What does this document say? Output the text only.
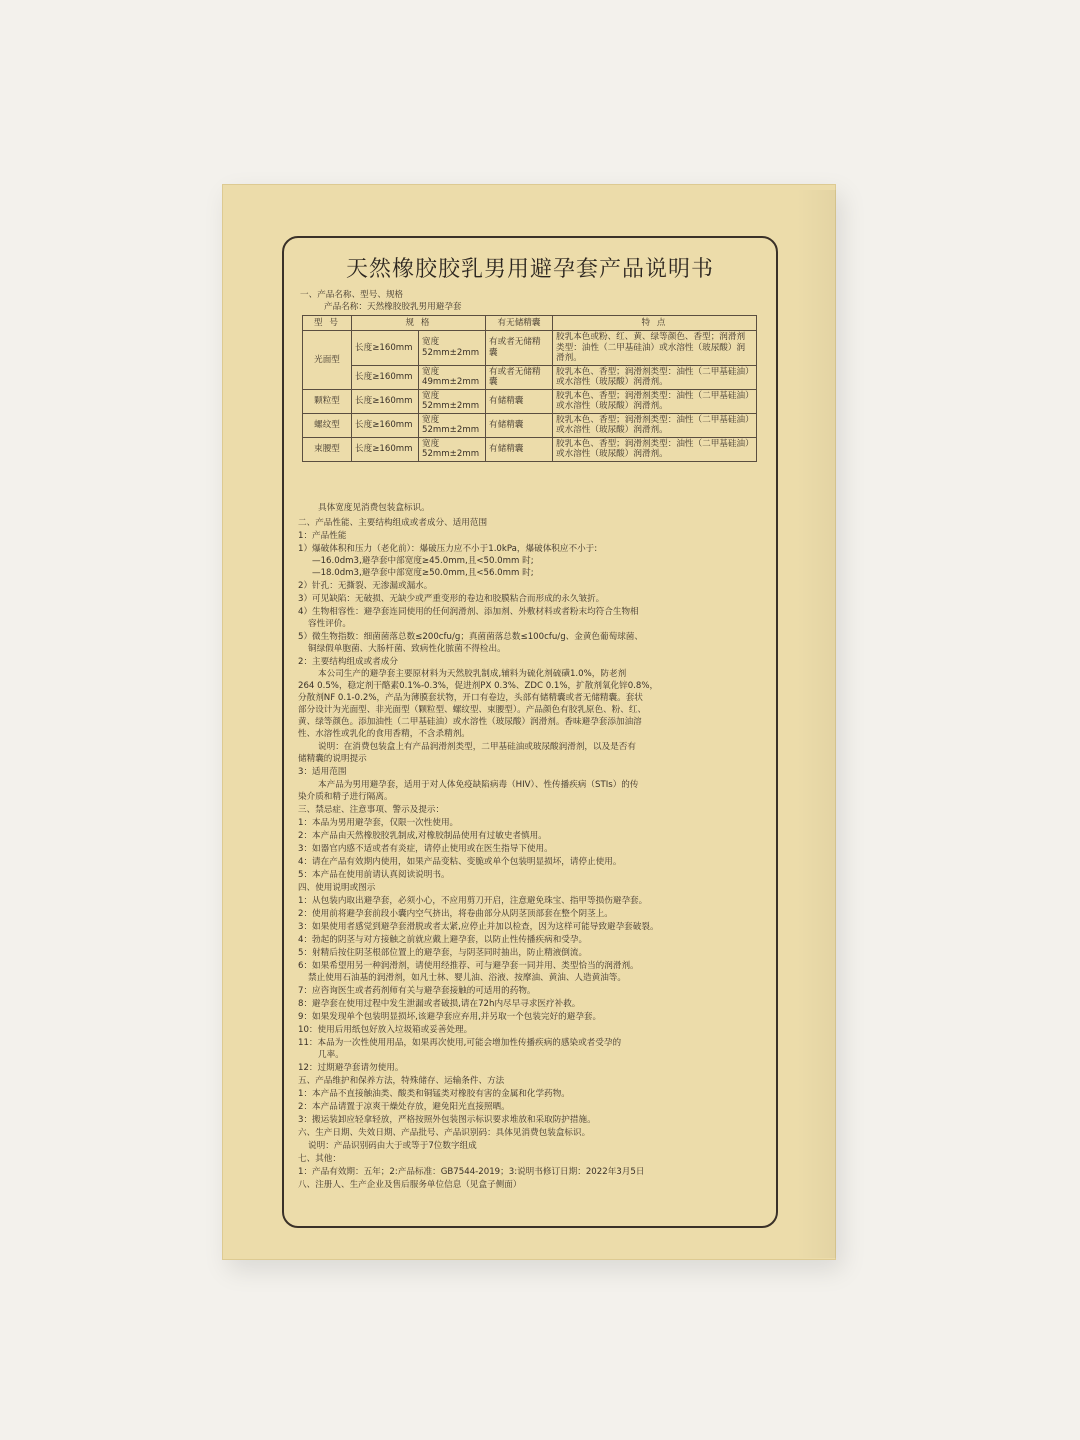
天然橡胶胶乳男用避孕套产品说明书
一、产品名称、型号、规格
产品名称：天然橡胶胶乳男用避孕套
型 号	规 格		有无储精囊	特 点
光面型	长度≥160mm	宽度52mm±2mm	有或者无储精囊	胶乳本色或粉、红、黄、绿等颜色、香型；润滑剂类型：油性（二甲基硅油）或水溶性（玻尿酸）润滑剂。
	长度≥160mm	宽度49mm±2mm	有或者无储精囊	胶乳本色、香型；润滑剂类型：油性（二甲基硅油）或水溶性（玻尿酸）润滑剂。
颗粒型	长度≥160mm	宽度52mm±2mm	有储精囊	胶乳本色、香型；润滑剂类型：油性（二甲基硅油）或水溶性（玻尿酸）润滑剂。
螺纹型	长度≥160mm	宽度52mm±2mm	有储精囊	胶乳本色、香型；润滑剂类型：油性（二甲基硅油）或水溶性（玻尿酸）润滑剂。
束腰型	长度≥160mm	宽度52mm±2mm	有储精囊	胶乳本色、香型；润滑剂类型：油性（二甲基硅油）或水溶性（玻尿酸）润滑剂。
具体宽度见消费包装盒标识。
二、产品性能、主要结构组成或者成分、适用范围
1：产品性能
1）爆破体积和压力（老化前）：爆破压力应不小于1.0kPa，爆破体积应不小于:
—16.0dm3,避孕套中部宽度≥45.0mm,且<50.0mm 时;
—18.0dm3,避孕套中部宽度≥50.0mm,且<56.0mm 时;
2）针孔：无撕裂、无渗漏或漏水。
3）可见缺陷：无破损、无缺少或严重变形的卷边和胶膜粘合而形成的永久皱折。
4）生物相容性：避孕套连同使用的任何润滑剂、添加剂、外敷材料或者粉末均符合生物相
容性评价。
5）微生物指数：细菌菌落总数≤200cfu/g；真菌菌落总数≤100cfu/g、金黄色葡萄球菌、
铜绿假单胞菌、大肠杆菌、致病性化脓菌不得检出。
2：主要结构组成或者成分
本公司生产的避孕套主要原材料为天然胶乳制成,辅料为硫化剂硫磺1.0%，防老剂
264 0.5%，稳定剂干酪素0.1%-0.3%，促进剂PX 0.3%、ZDC 0.1%，扩散剂氧化锌0.8%，
分散剂NF 0.1-0.2%，产品为薄膜套状物，开口有卷边，头部有储精囊或者无储精囊。套状
部分设计为光面型、非光面型（颗粒型、螺纹型、束腰型）。产品颜色有胶乳原色、粉、红、
黄、绿等颜色。添加油性（二甲基硅油）或水溶性（玻尿酸）润滑剂。香味避孕套添加油溶
性、水溶性或乳化的食用香精，不含杀精剂。
说明：在消费包装盒上有产品润滑剂类型，二甲基硅油或玻尿酸润滑剂，以及是否有
储精囊的说明提示
3：适用范围
本产品为男用避孕套，适用于对人体免疫缺陷病毒（HIV）、性传播疾病（STIs）的传
染介质和精子进行隔离。
三、禁忌症、注意事项、警示及提示：
1：本品为男用避孕套，仅限一次性使用。
2：本产品由天然橡胶胶乳制成,对橡胶制品使用有过敏史者慎用。
3：如器官内感不适或者有炎症，请停止使用或在医生指导下使用。
4：请在产品有效期内使用，如果产品变粘、变脆或单个包装明显损坏，请停止使用。
5：本产品在使用前请认真阅读说明书。
四、使用说明或图示
1：从包装内取出避孕套，必须小心，不应用剪刀开启，注意避免珠宝、指甲等损伤避孕套。
2：使用前将避孕套前段小囊内空气挤出，将卷曲部分从阴茎顶部套在整个阴茎上。
3：如果使用者感觉到避孕套滑脱或者太紧,应停止并加以检查，因为这样可能导致避孕套破裂。
4：勃起的阴茎与对方接触之前就应戴上避孕套，以防止性传播疾病和受孕。
5：射精后按住阴茎根部位置上的避孕套，与阴茎同时抽出，防止精液倒流。
6：如果希望用另一种润滑剂，请使用经推荐、可与避孕套一同并用、类型恰当的润滑剂。
禁止使用石油基的润滑剂，如凡士林、婴儿油、浴液、按摩油、黄油、人造黄油等。
7：应咨询医生或者药剂师有关与避孕套接触的可适用的药物。
8：避孕套在使用过程中发生泄漏或者破损,请在72h内尽早寻求医疗补救。
9：如果发现单个包装明显损坏,该避孕套应弃用,并另取一个包装完好的避孕套。
10：使用后用纸包好放入垃圾箱或妥善处理。
11：本品为一次性使用用品，如果再次使用,可能会增加性传播疾病的感染或者受孕的
几率。
12：过期避孕套请勿使用。
五、产品维护和保养方法，特殊储存、运输条件、方法
1：本产品不直接触油类、酸类和铜锰类对橡胶有害的金属和化学药物。
2：本产品请置于凉爽干燥处存放，避免阳光直接照晒。
3：搬运装卸应轻拿轻放，严格按照外包装图示标识要求堆放和采取防护措施。
六、生产日期、失效日期、产品批号、产品识别码：具体见消费包装盒标识。
说明：产品识别码由大于或等于7位数字组成
七、其他：
1：产品有效期：五年；2:产品标准：GB7544-2019；3:说明书修订日期：2022年3月5日
八、注册人、生产企业及售后服务单位信息（见盒子侧面）
